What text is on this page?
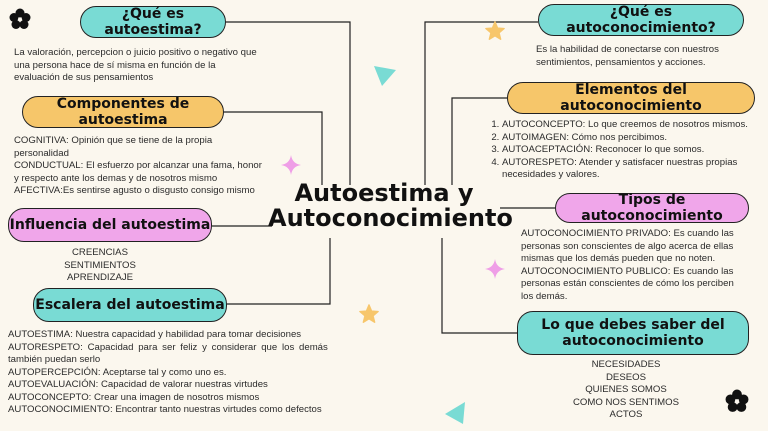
Autoestima y
Autoconocimiento
¿Qué es autoestima?
La valoración, percepcion o juicio positivo o negativo que
una persona hace de sí misma en función de la
evaluación de sus pensamientos
Componentes de autoestima
COGNITIVA: Opinión que se tiene de la propia
personalidad
CONDUCTUAL: El esfuerzo por alcanzar una fama, honor
y respecto ante los demas y de nosotros mismo
AFECTIVA:Es sentirse agusto o disgusto consigo mismo
Influencia del autoestima
CREENCIAS
SENTIMIENTOS
APRENDIZAJE
Escalera del autoestima
AUTOESTIMA: Nuestra capacidad y habilidad para tomar decisiones
AUTORESPETO: Capacidad para ser feliz y considerar que los demás
también puedan serlo
AUTOPERCEPCIÓN: Aceptarse tal y como uno es.
AUTOEVALUACIÓN: Capacidad de valorar nuestras virtudes
AUTOCONCEPTO: Crear una imagen de nosotros mismos
AUTOCONOCIMIENTO: Encontrar tanto nuestras virtudes como defectos
¿Qué es autoconocimiento?
Es la habilidad de conectarse con nuestros
sentimientos, pensamientos y acciones.
Elementos del autoconocimiento
1. AUTOCONCEPTO: Lo que creemos de nosotros mismos.
2. AUTOIMAGEN: Cómo nos percibimos.
3. AUTOACEPTACIÓN: Reconocer lo que somos.
4. AUTORESPETO: Atender y satisfacer nuestras propias
necesidades y valores.
Tipos de autoconocimiento
AUTOCONOCIMIENTO PRIVADO: Es cuando las
personas son conscientes de algo acerca de ellas
mismas que los demás pueden que no noten.
AUTOCONOCIMIENTO PUBLICO: Es cuando las
personas están conscientes de cómo los perciben
los demás.
Lo que debes saber del
autoconocimiento
NECESIDADES
DESEOS
QUIENES SOMOS
COMO NOS SENTIMOS
ACTOS
